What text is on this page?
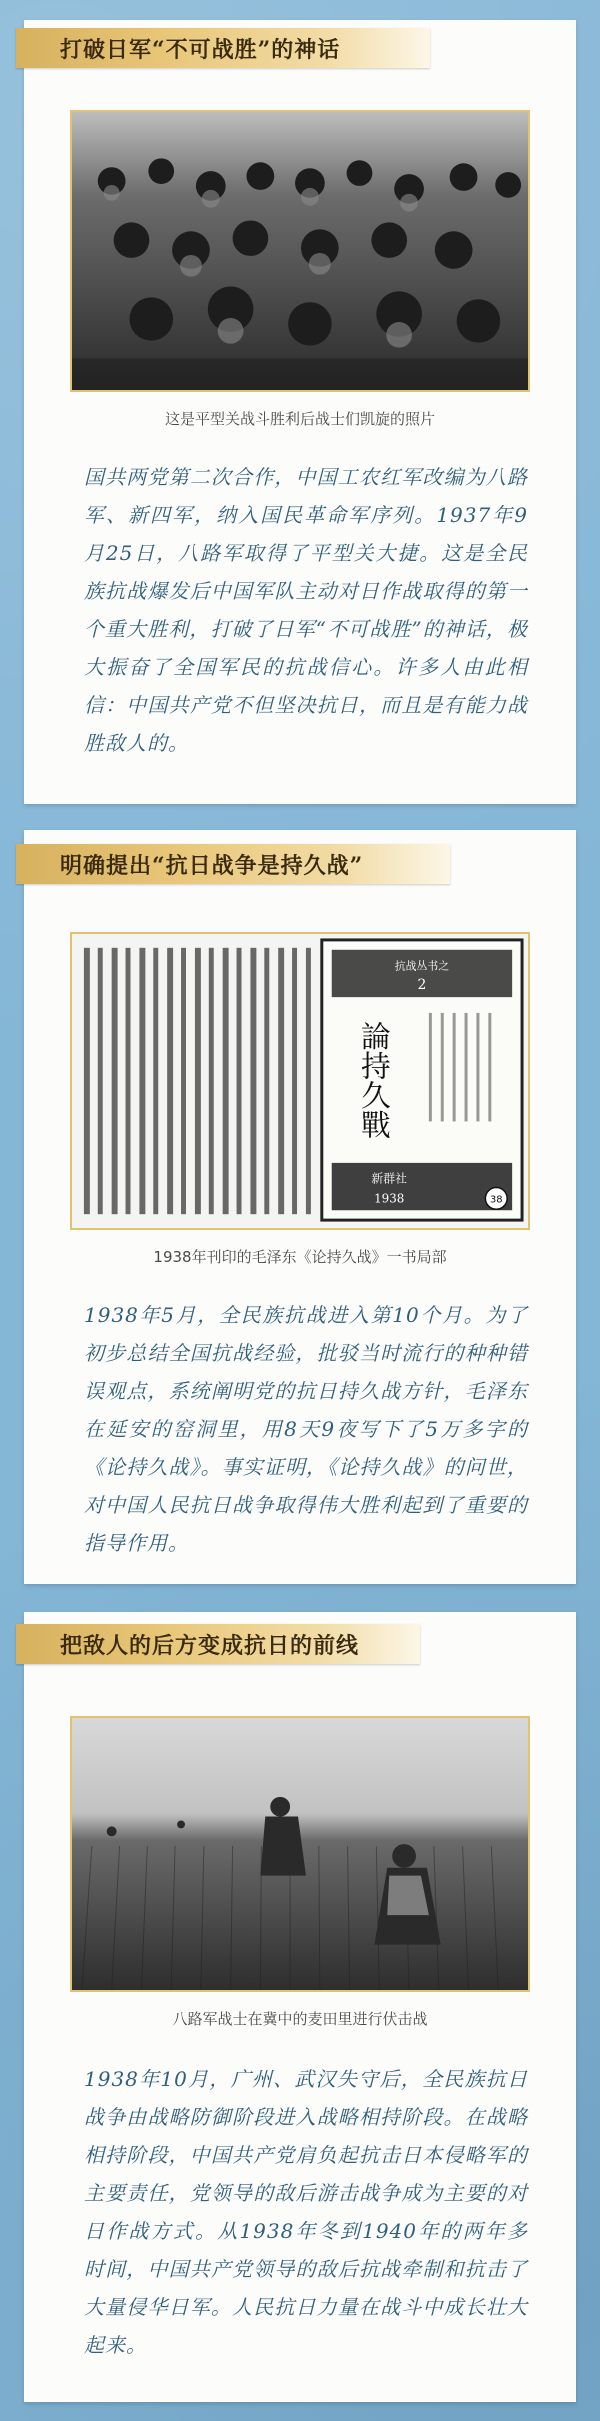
打破日军“不可战胜”的神话
这是平型关战斗胜利后战士们凯旋的照片
国共两党第二次合作，中国工农红军改编为八路军、新四军，纳入国民革命军序列。1937年9月25日，八路军取得了平型关大捷。这是全民族抗战爆发后中国军队主动对日作战取得的第一个重大胜利，打破了日军“不可战胜”的神话，极大振奋了全国军民的抗战信心。许多人由此相信：中国共产党不但坚决抗日，而且是有能力战胜敌人的。
明确提出“抗日战争是持久战”
抗战丛书之
2
論持久戰
新群社
1938	38
1938年刊印的毛泽东《论持久战》一书局部
1938年5月，全民族抗战进入第10个月。为了初步总结全国抗战经验，批驳当时流行的种种错误观点，系统阐明党的抗日持久战方针，毛泽东在延安的窑洞里，用8天9夜写下了5万多字的《论持久战》。事实证明，《论持久战》的问世，对中国人民抗日战争取得伟大胜利起到了重要的指导作用。
把敌人的后方变成抗日的前线
八路军战士在冀中的麦田里进行伏击战
1938年10月，广州、武汉失守后，全民族抗日战争由战略防御阶段进入战略相持阶段。在战略相持阶段，中国共产党肩负起抗击日本侵略军的主要责任，党领导的敌后游击战争成为主要的对日作战方式。从1938年冬到1940年的两年多时间，中国共产党领导的敌后抗战牵制和抗击了大量侵华日军。人民抗日力量在战斗中成长壮大起来。
